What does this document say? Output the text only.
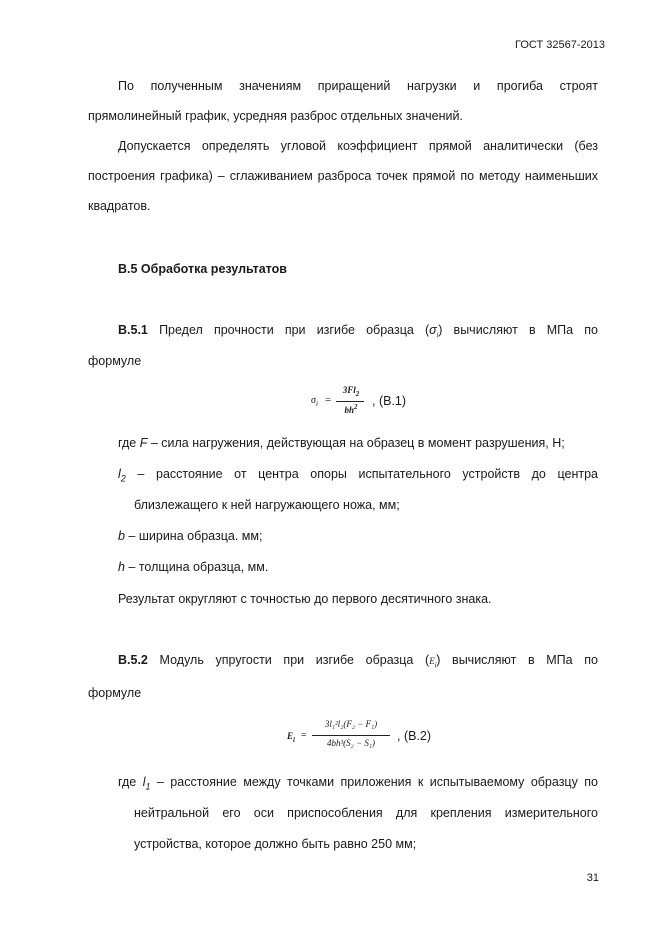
ГОСТ 32567-2013
По полученным значениям приращений нагрузки и прогиба строят прямолинейный график, усредняя разброс отдельных значений.
Допускается определять угловой коэффициент прямой аналитически (без построения графика) – сглаживанием разброса точек прямой по методу наименьших квадратов.
В.5 Обработка результатов
В.5.1 Предел прочности при изгибе образца $(\sigma_i)$ вычисляют в МПа по
формуле
$\sigma_i$ =
$3Fl_2$
$bh^2$	, (В.1)
где F – сила нагружения, действующая на образец в момент разрушения, Н;
$l_2$ – расстояние от центра опоры испытательного устройств до центра
близлежащего к ней нагружающего ножа, мм;
b – ширина образца. мм;
h – толщина образца, мм.
Результат округляют с точностью до первого десятичного знака.
В.5.2 Модуль упругости при изгибе образца $(E_i)$ вычисляют в МПа по
формуле
$E_i$ =
3l₁²l₂(F₂ − F₁)
4bh³(S₂ − S₁)	, (В.2)
где $l_1$ – расстояние между точками приложения к испытываемому образцу по
нейтральной его оси приспособления для крепления измерительного
устройства, которое должно быть равно 250 мм;
31
